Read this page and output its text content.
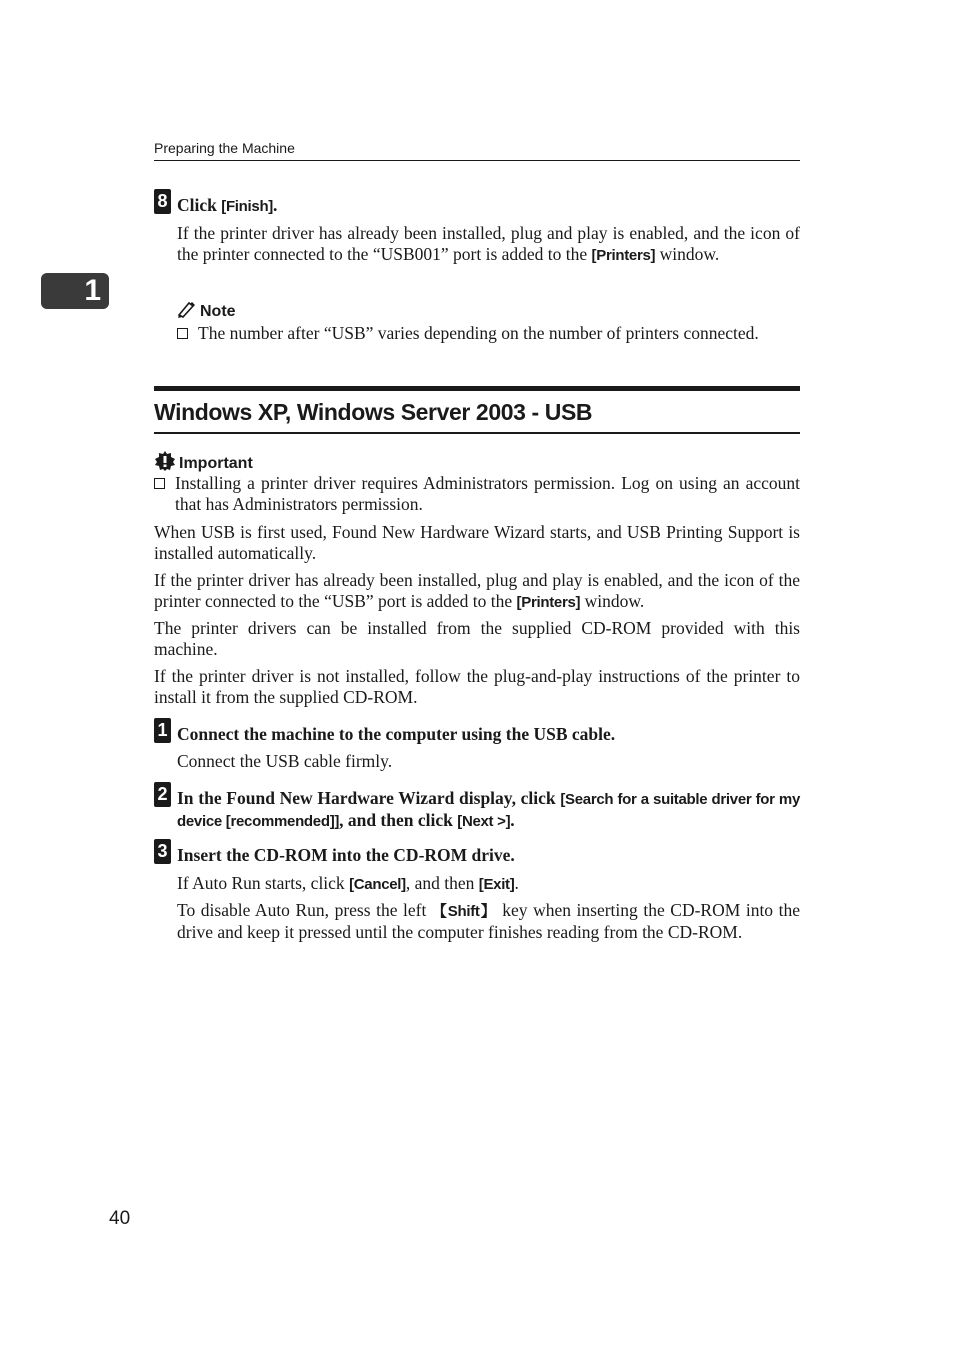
Preparing the Machine
1
8 Click [Finish].
If the printer driver has already been installed, plug and play is enabled, and the icon of the printer connected to the “USB001” port is added to the [Printers] window.
Note
The number after “USB” varies depending on the number of printers connected.
Windows XP, Windows Server 2003 - USB
Important
Installing a printer driver requires Administrators permission. Log on using an account that has Administrators permission.
When USB is first used, Found New Hardware Wizard starts, and USB Printing Support is installed automatically.
If the printer driver has already been installed, plug and play is enabled, and the icon of the printer connected to the “USB” port is added to the [Printers] window.
The printer drivers can be installed from the supplied CD-ROM provided with this machine.
If the printer driver is not installed, follow the plug-and-play instructions of the printer to install it from the supplied CD-ROM.
1 Connect the machine to the computer using the USB cable.
Connect the USB cable firmly.
2 In the Found New Hardware Wizard display, click [Search for a suitable driver for my device [recommended]], and then click [Next >].
3 Insert the CD-ROM into the CD-ROM drive.
If Auto Run starts, click [Cancel], and then [Exit].
To disable Auto Run, press the left 【Shift】 key when inserting the CD-ROM into the drive and keep it pressed until the computer finishes reading from the CD-ROM.
40
